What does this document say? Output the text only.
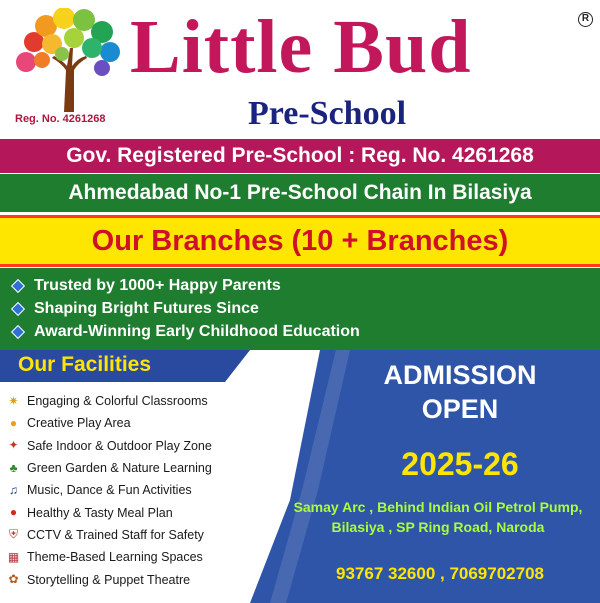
Reg. No. 4261268
Little Bud	R
Pre-School
Gov. Registered Pre-School : Reg. No. 4261268
Ahmedabad No-1 Pre-School Chain In Bilasiya
Our Branches (10 + Branches)
Trusted by 1000+ Happy Parents
Shaping Bright Futures Since
Award-Winning Early Childhood Education
Our Facilities
✷ Engaging & Colorful Classrooms
● Creative Play Area
✦ Safe Indoor & Outdoor Play Zone
♣ Green Garden & Nature Learning
♫ Music, Dance & Fun Activities
● Healthy & Tasty Meal Plan
⛨ CCTV & Trained Staff for Safety
▦ Theme-Based Learning Spaces
✿ Storytelling & Puppet Theatre
ADMISSION
OPEN
2025-26
Samay Arc , Behind Indian Oil Petrol Pump, Bilasiya , SP Ring Road, Naroda
93767 32600 , 7069702708
